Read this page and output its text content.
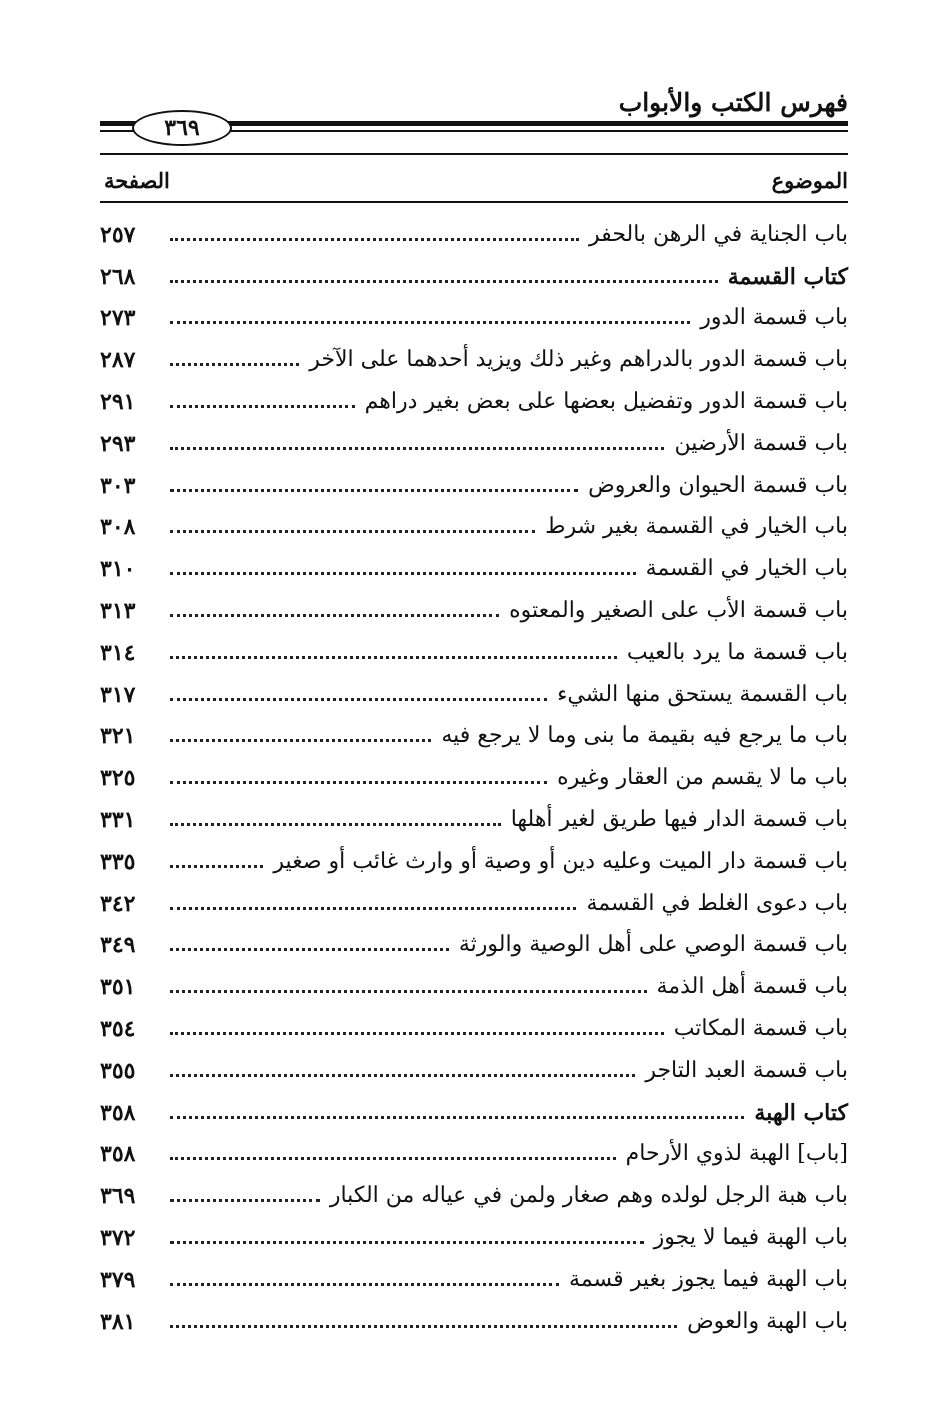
فهرس الكتب والأبواب
٣٦٩
الموضوع
الصفحة
باب الجناية في الرهن بالحفر
٢٥٧
كتاب القسمة
٢٦٨
باب قسمة الدور
٢٧٣
باب قسمة الدور بالدراهم وغير ذلك ويزيد أحدهما على الآخر
٢٨٧
باب قسمة الدور وتفضيل بعضها على بعض بغير دراهم
٢٩١
باب قسمة الأرضين
٢٩٣
باب قسمة الحيوان والعروض
٣٠٣
باب الخيار في القسمة بغير شرط
٣٠٨
باب الخيار في القسمة
٣١٠
باب قسمة الأب على الصغير والمعتوه
٣١٣
باب قسمة ما يرد بالعيب
٣١٤
باب القسمة يستحق منها الشيء
٣١٧
باب ما يرجع فيه بقيمة ما بنى وما لا يرجع فيه
٣٢١
باب ما لا يقسم من العقار وغيره
٣٢٥
باب قسمة الدار فيها طريق لغير أهلها
٣٣١
باب قسمة دار الميت وعليه دين أو وصية أو وارث غائب أو صغير
٣٣٥
باب دعوى الغلط في القسمة
٣٤٢
باب قسمة الوصي على أهل الوصية والورثة
٣٤٩
باب قسمة أهل الذمة
٣٥١
باب قسمة المكاتب
٣٥٤
باب قسمة العبد التاجر
٣٥٥
كتاب الهبة
٣٥٨
[باب] الهبة لذوي الأرحام
٣٥٨
باب هبة الرجل لولده وهم صغار ولمن في عياله من الكبار
٣٦٩
باب الهبة فيما لا يجوز
٣٧٢
باب الهبة فيما يجوز بغير قسمة
٣٧٩
باب الهبة والعوض
٣٨١
